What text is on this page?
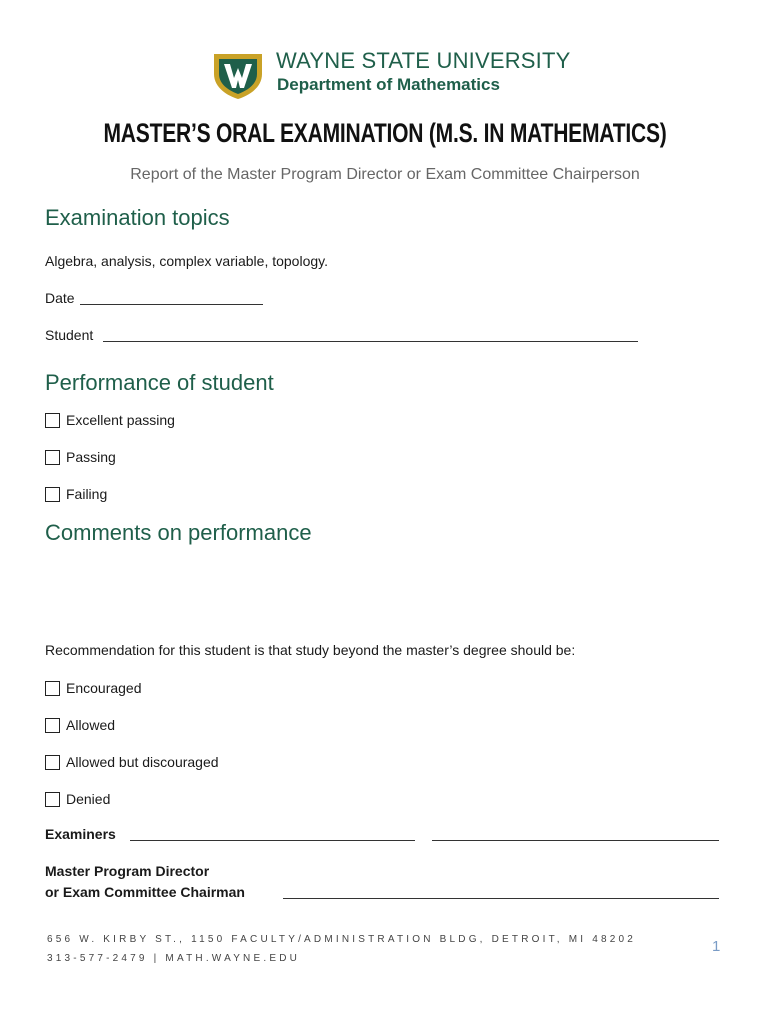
WAYNE STATE UNIVERSITY
Department of Mathematics
MASTER’S ORAL EXAMINATION (M.S. IN MATHEMATICS)
Report of the Master Program Director or Exam Committee Chairperson
Examination topics
Algebra, analysis, complex variable, topology.
Date
Student
Performance of student
Excellent passing
Passing
Failing
Comments on performance
Recommendation for this student is that study beyond the master’s degree should be:
Encouraged
Allowed
Allowed but discouraged
Denied
Examiners
Master Program Director
or Exam Committee Chairman
656 W. KIRBY ST., 1150 FACULTY/ADMINISTRATION BLDG, DETROIT, MI 48202
313-577-2479 | MATH.WAYNE.EDU
1
